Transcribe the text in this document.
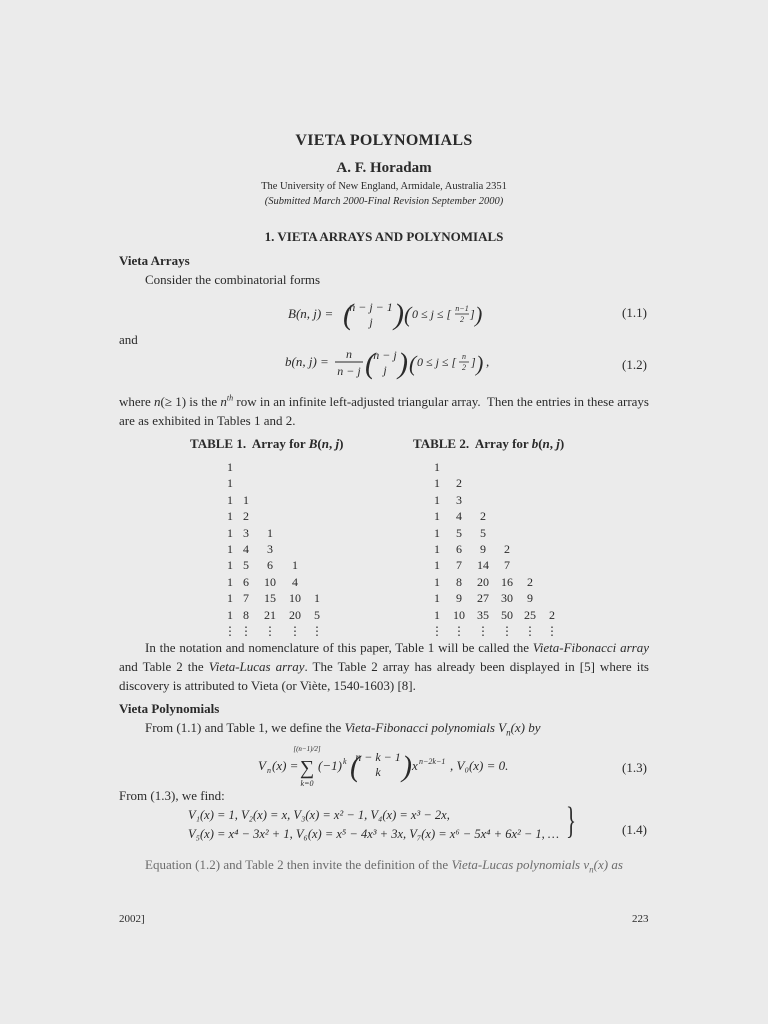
VIETA POLYNOMIALS
A. F. Horadam
The University of New England, Armidale, Australia 2351
(Submitted March 2000-Final Revision September 2000)
1. VIETA ARRAYS AND POLYNOMIALS
Vieta Arrays
Consider the combinatorial forms
B(n, j) = (
n − j − 1
j ) ( 0 ≤ j ≤ [ n−1
2 ] )	(1.1)
and
b(n, j) = n
n − j (
n − j
j ) ( 0 ≤ j ≤ [ n
2 ] ) ,	(1.2)
where n(≥ 1) is the $n^{th}$ row in an infinite left-adjusted triangular array.  Then the entries in these arrays are as exhibited in Tables 1 and 2.
TABLE 1.  Array for B(n, j)	TABLE 2.  Array for b(n, j)
1
1
1 1
1 2
1 3	1
1 4	3
1 5	6	1
1 6	10	4
1 7	15	10	1
1 8	21	20	5
⋮ ⋮	⋮	⋮ ⋮
1
1	2
1	3
1	4	2
1	5	5
1	6	9	2
1	7	14	7
1	8	20	16	2
1	9	27	30	9
1	10	35	50 25	2
⋮ ⋮	⋮	⋮ ⋮ ⋮
In the notation and nomenclature of this paper, Table 1 will be called the Vieta-Fibonacci array and Table 2 the Vieta-Lucas array. The Table 2 array has already been displayed in [5] where its discovery is attributed to Vieta (or Viète, 1540-1603) [8].
Vieta Polynomials
From (1.1) and Table 1, we define the Vieta-Fibonacci polynomials $V_n(x)$ by
V n (x) =
[(n−1)/2]
∑
k=0
(−1) k (
n − k − 1
k ) x n−2k−1 , V₀(x) = 0.	(1.3)
From (1.3), we find:
V₁(x) = 1, V₂(x) = x, V₃(x) = x² − 1, V₄(x) = x³ − 2x,
V₅(x) = x⁴ − 3x² + 1, V₆(x) = x⁵ − 4x³ + 3x, V₇(x) = x⁶ − 5x⁴ + 6x² − 1, … }	(1.4)
Equation (1.2) and Table 2 then invite the definition of the Vieta-Lucas polynomials $v_n(x)$ as
2002]	223
